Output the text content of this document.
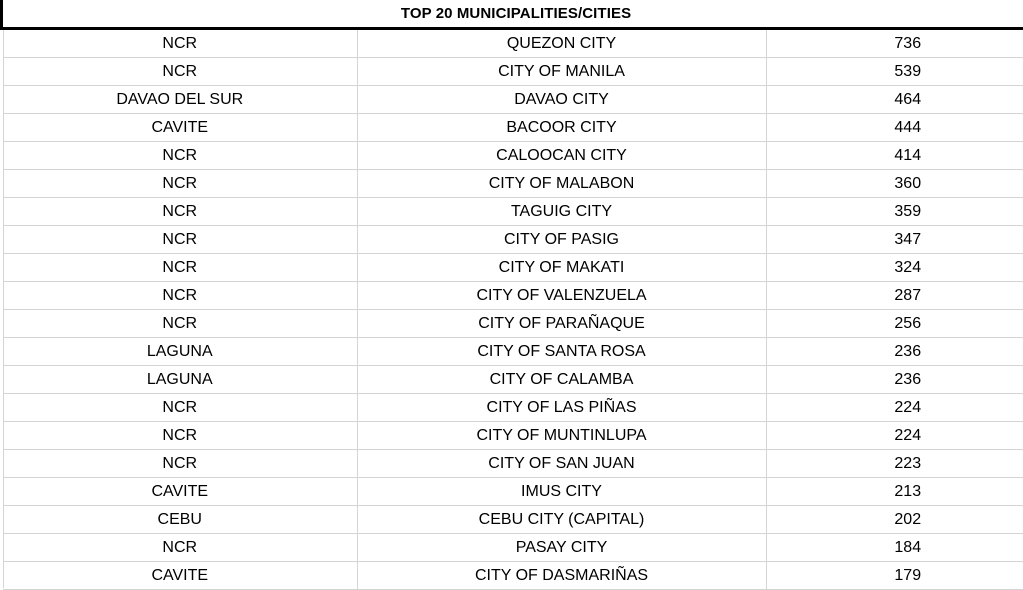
TOP 20 MUNICIPALITIES/CITIES
NCR	QUEZON CITY	736
NCR	CITY OF MANILA	539
DAVAO DEL SUR	DAVAO CITY	464
CAVITE	BACOOR CITY	444
NCR	CALOOCAN CITY	414
NCR	CITY OF MALABON	360
NCR	TAGUIG CITY	359
NCR	CITY OF PASIG	347
NCR	CITY OF MAKATI	324
NCR	CITY OF VALENZUELA	287
NCR	CITY OF PARAÑAQUE	256
LAGUNA	CITY OF SANTA ROSA	236
LAGUNA	CITY OF CALAMBA	236
NCR	CITY OF LAS PIÑAS	224
NCR	CITY OF MUNTINLUPA	224
NCR	CITY OF SAN JUAN	223
CAVITE	IMUS CITY	213
CEBU	CEBU CITY (CAPITAL)	202
NCR	PASAY CITY	184
CAVITE	CITY OF DASMARIÑAS	179
